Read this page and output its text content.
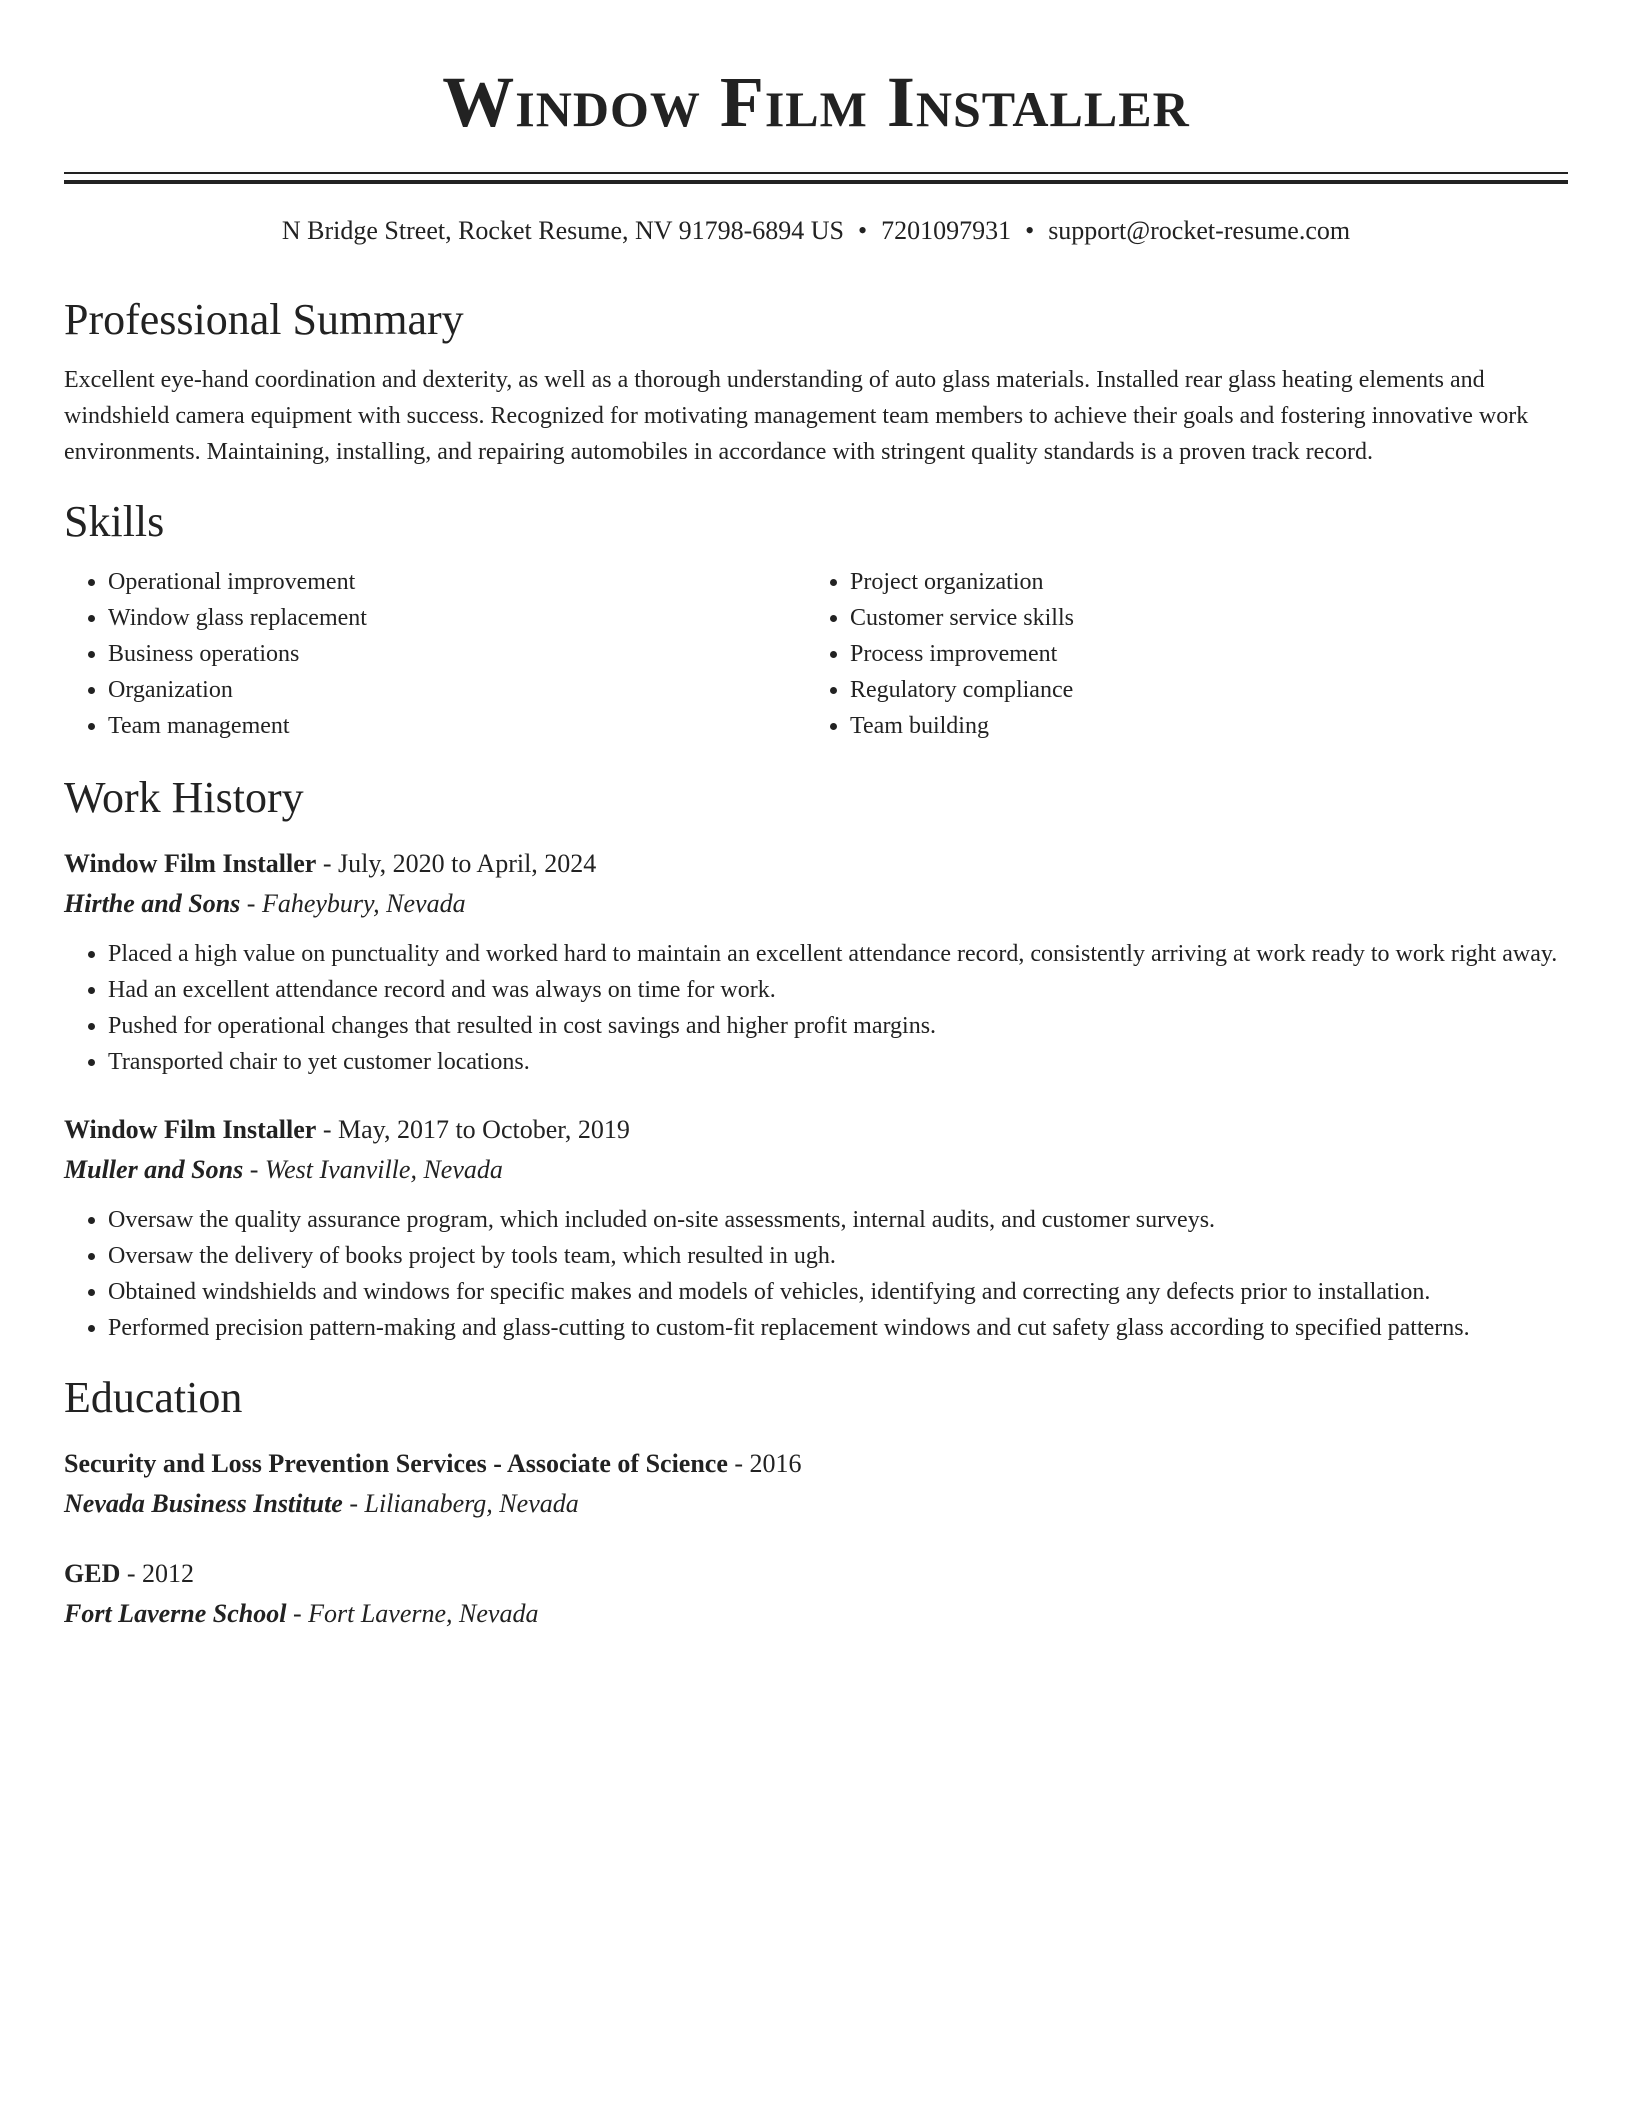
Window Film Installer
N Bridge Street, Rocket Resume, NV 91798-6894 US • 7201097931 • support@rocket-resume.com
Professional Summary

Excellent eye-hand coordination and dexterity, as well as a thorough understanding of auto glass materials. Installed rear glass heating elements and windshield camera equipment with success. Recognized for motivating management team members to achieve their goals and fostering innovative work environments. Maintaining, installing, and repairing automobiles in accordance with stringent quality standards is a proven track record.

Skills
• Operational improvement
• Window glass replacement
• Business operations
• Organization
• Team management
• Project organization
• Customer service skills
• Process improvement
• Regulatory compliance
• Team building
Work History
Window Film Installer - July, 2020 to April, 2024
Hirthe and Sons - Faheybury, Nevada
• Placed a high value on punctuality and worked hard to maintain an excellent attendance record, consistently arriving at work ready to work right away.
• Had an excellent attendance record and was always on time for work.
• Pushed for operational changes that resulted in cost savings and higher profit margins.
• Transported chair to yet customer locations.
Window Film Installer - May, 2017 to October, 2019
Muller and Sons - West Ivanville, Nevada
• Oversaw the quality assurance program, which included on-site assessments, internal audits, and customer surveys.
• Oversaw the delivery of books project by tools team, which resulted in ugh.
• Obtained windshields and windows for specific makes and models of vehicles, identifying and correcting any defects prior to installation.
• Performed precision pattern-making and glass-cutting to custom-fit replacement windows and cut safety glass according to specified patterns.
Education
Security and Loss Prevention Services - Associate of Science - 2016
Nevada Business Institute - Lilianaberg, Nevada
GED - 2012
Fort Laverne School - Fort Laverne, Nevada
